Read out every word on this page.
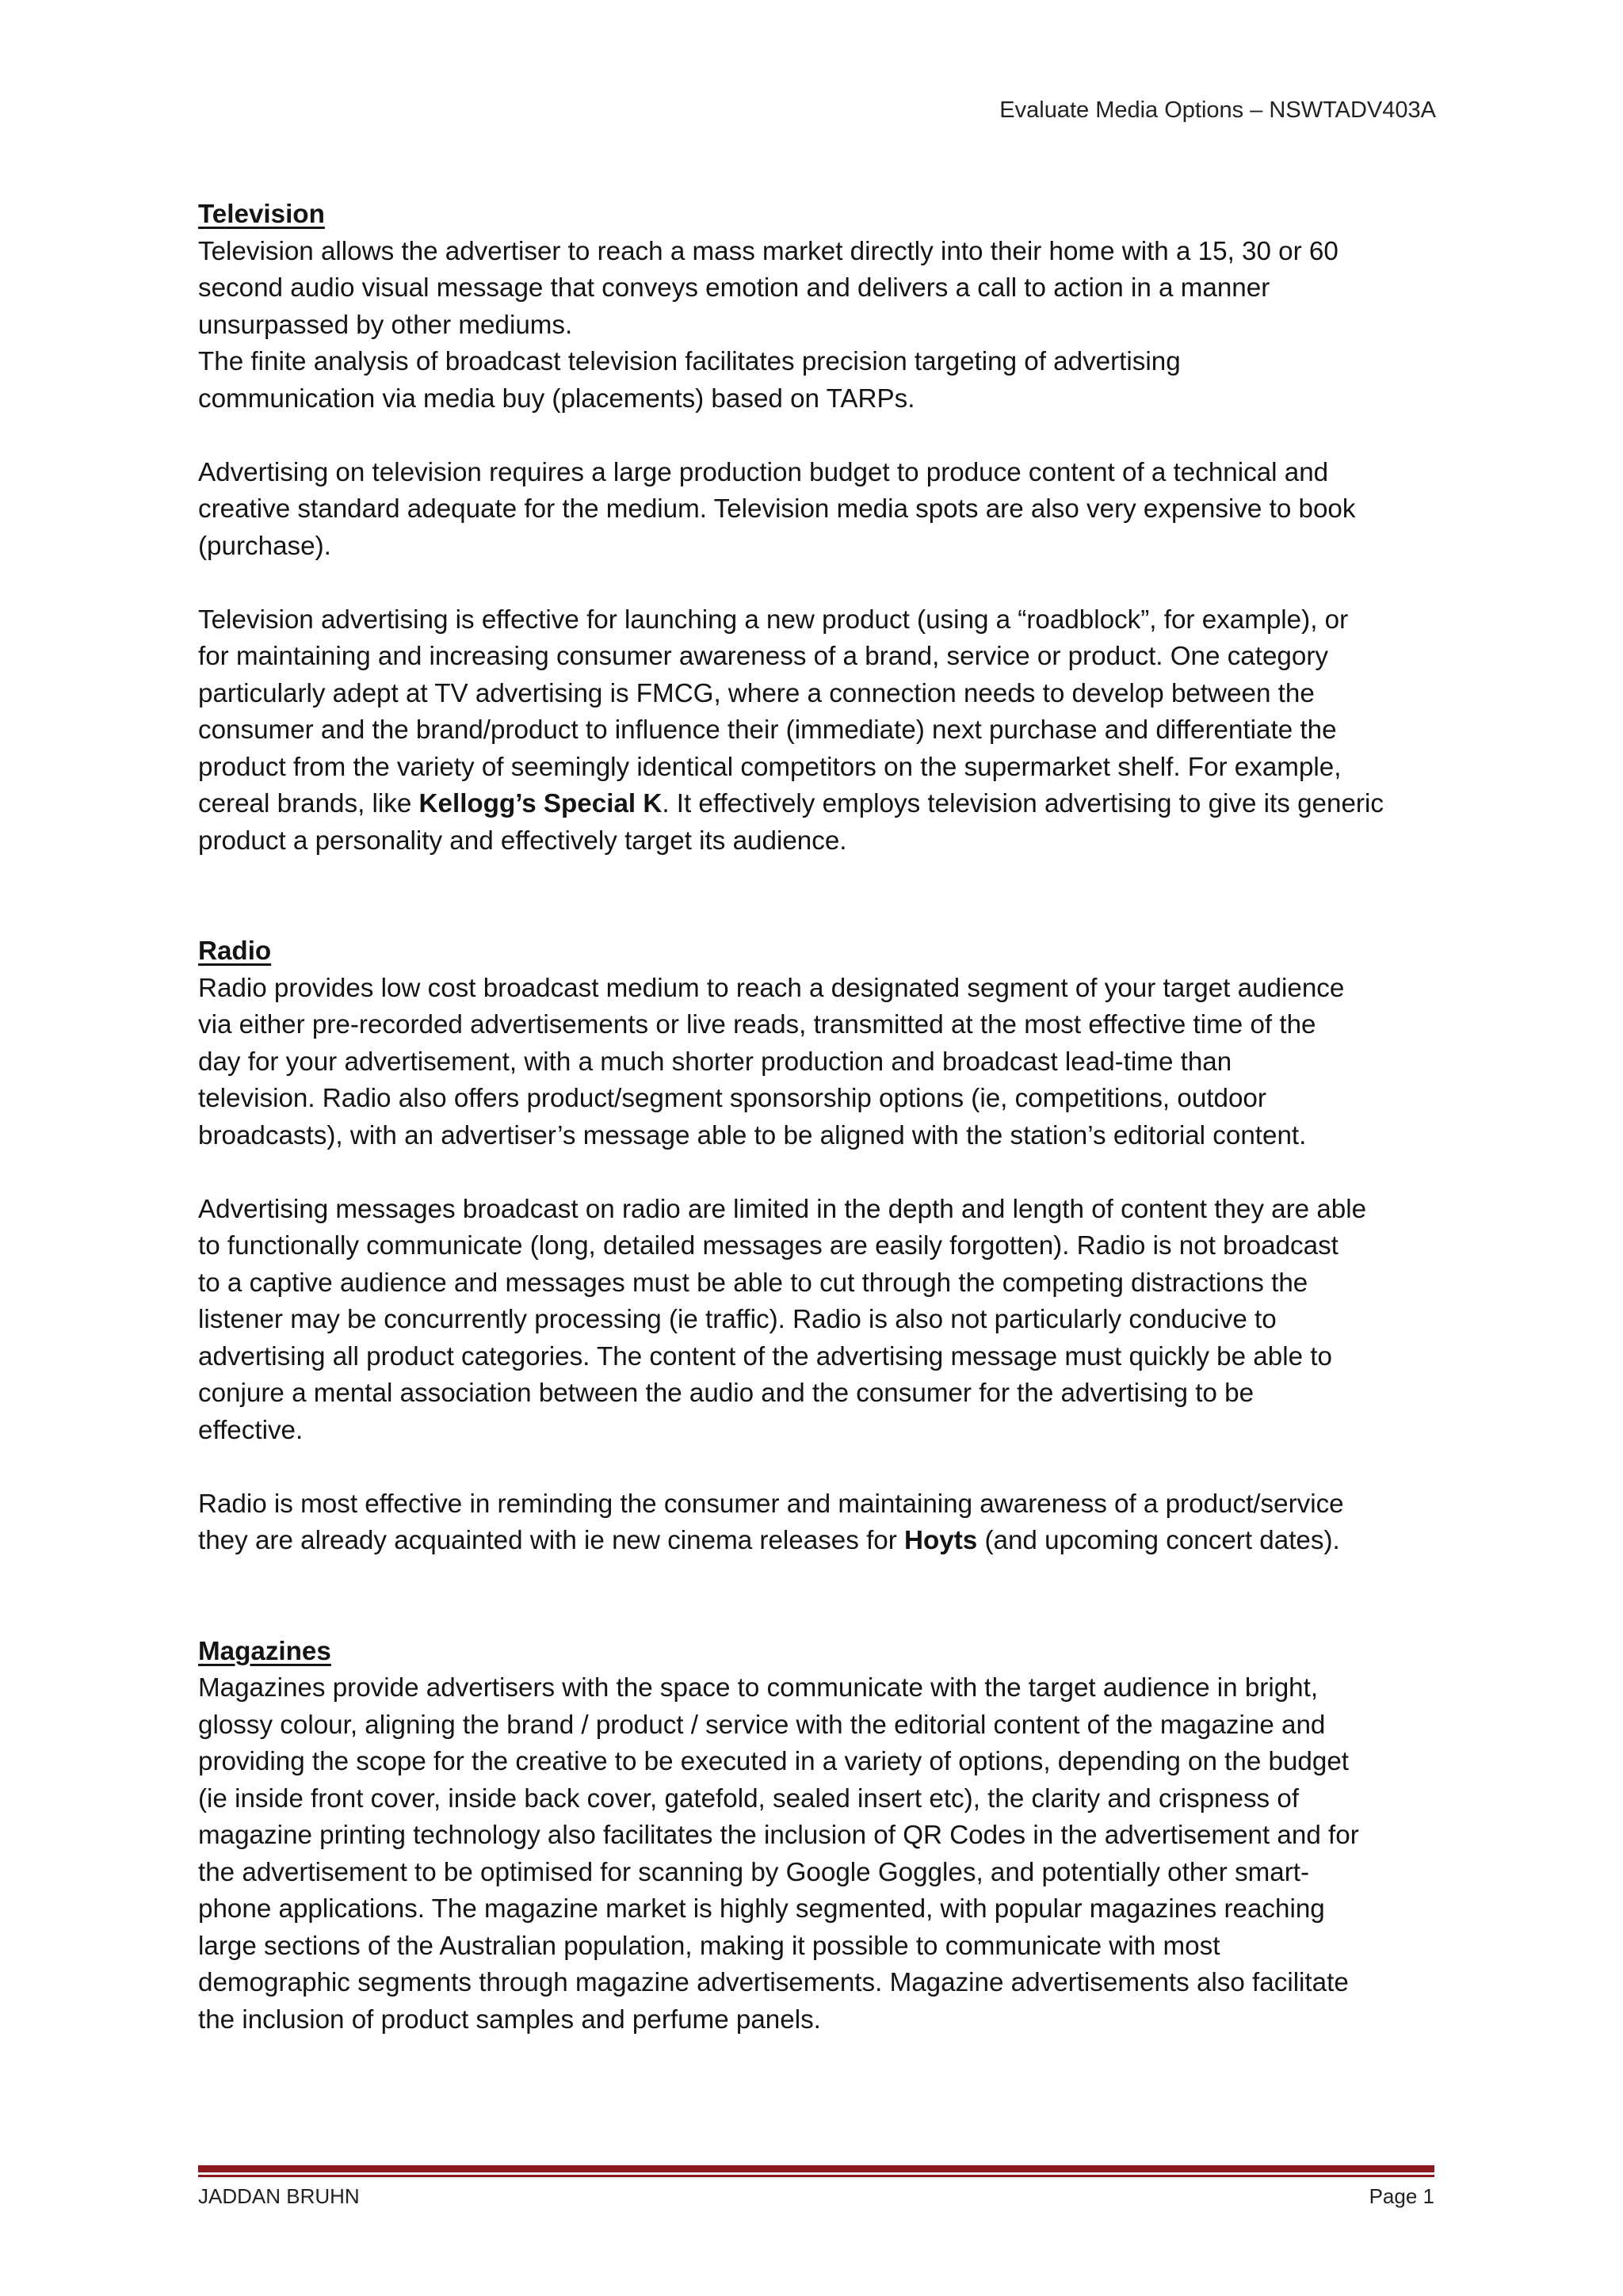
Evaluate Media Options – NSWTADV403A

Television

Television allows the advertiser to reach a mass market directly into their home with a 15, 30 or 60

second audio visual message that conveys emotion and delivers a call to action in a manner

unsurpassed by other mediums.

The finite analysis of broadcast television facilitates precision targeting of advertising

communication via media buy (placements) based on TARPs.

Advertising on television requires a large production budget to produce content of a technical and

creative standard adequate for the medium. Television media spots are also very expensive to book

(purchase).

Television advertising is effective for launching a new product (using a “roadblock”, for example), or

for maintaining and increasing consumer awareness of a brand, service or product. One category

particularly adept at TV advertising is FMCG, where a connection needs to develop between the

consumer and the brand/product to influence their (immediate) next purchase and differentiate the

product from the variety of seemingly identical competitors on the supermarket shelf. For example,

cereal brands, like Kellogg’s Special K. It effectively employs television advertising to give its generic

product a personality and effectively target its audience.

Radio

Radio provides low cost broadcast medium to reach a designated segment of your target audience

via either pre-recorded advertisements or live reads, transmitted at the most effective time of the

day for your advertisement, with a much shorter production and broadcast lead-time than

television. Radio also offers product/segment sponsorship options (ie, competitions, outdoor

broadcasts), with an advertiser’s message able to be aligned with the station’s editorial content.

Advertising messages broadcast on radio are limited in the depth and length of content they are able

to functionally communicate (long, detailed messages are easily forgotten). Radio is not broadcast

to a captive audience and messages must be able to cut through the competing distractions the

listener may be concurrently processing (ie traffic). Radio is also not particularly conducive to

advertising all product categories. The content of the advertising message must quickly be able to

conjure a mental association between the audio and the consumer for the advertising to be

effective.

Radio is most effective in reminding the consumer and maintaining awareness of a product/service

they are already acquainted with ie new cinema releases for Hoyts (and upcoming concert dates).

Magazines

Magazines provide advertisers with the space to communicate with the target audience in bright,

glossy colour, aligning the brand / product / service with the editorial content of the magazine and

providing the scope for the creative to be executed in a variety of options, depending on the budget

(ie inside front cover, inside back cover, gatefold, sealed insert etc), the clarity and crispness of

magazine printing technology also facilitates the inclusion of QR Codes in the advertisement and for

the advertisement to be optimised for scanning by Google Goggles, and potentially other smart-

phone applications. The magazine market is highly segmented, with popular magazines reaching

large sections of the Australian population, making it possible to communicate with most

demographic segments through magazine advertisements. Magazine advertisements also facilitate

the inclusion of product samples and perfume panels.

JADDAN BRUHN	Page 1
